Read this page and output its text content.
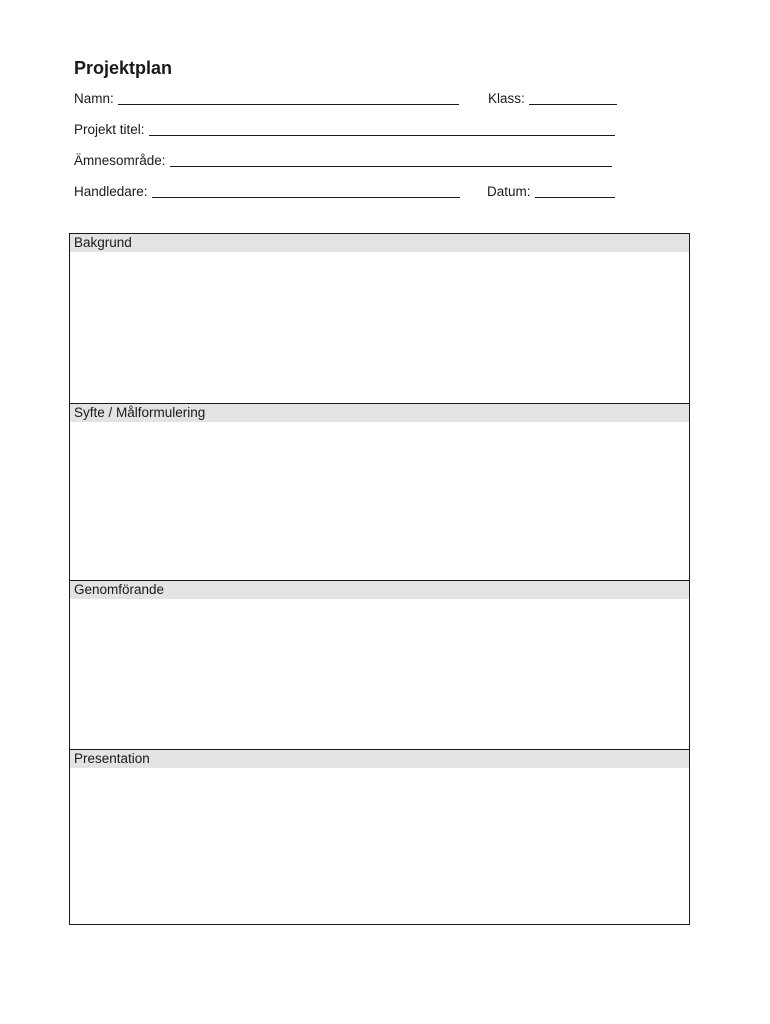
Projektplan
Namn:	Klass:
Projekt titel:
Ämnesområde:
Handledare:	Datum:
Bakgrund
Syfte / Målformulering
Genomförande
Presentation
